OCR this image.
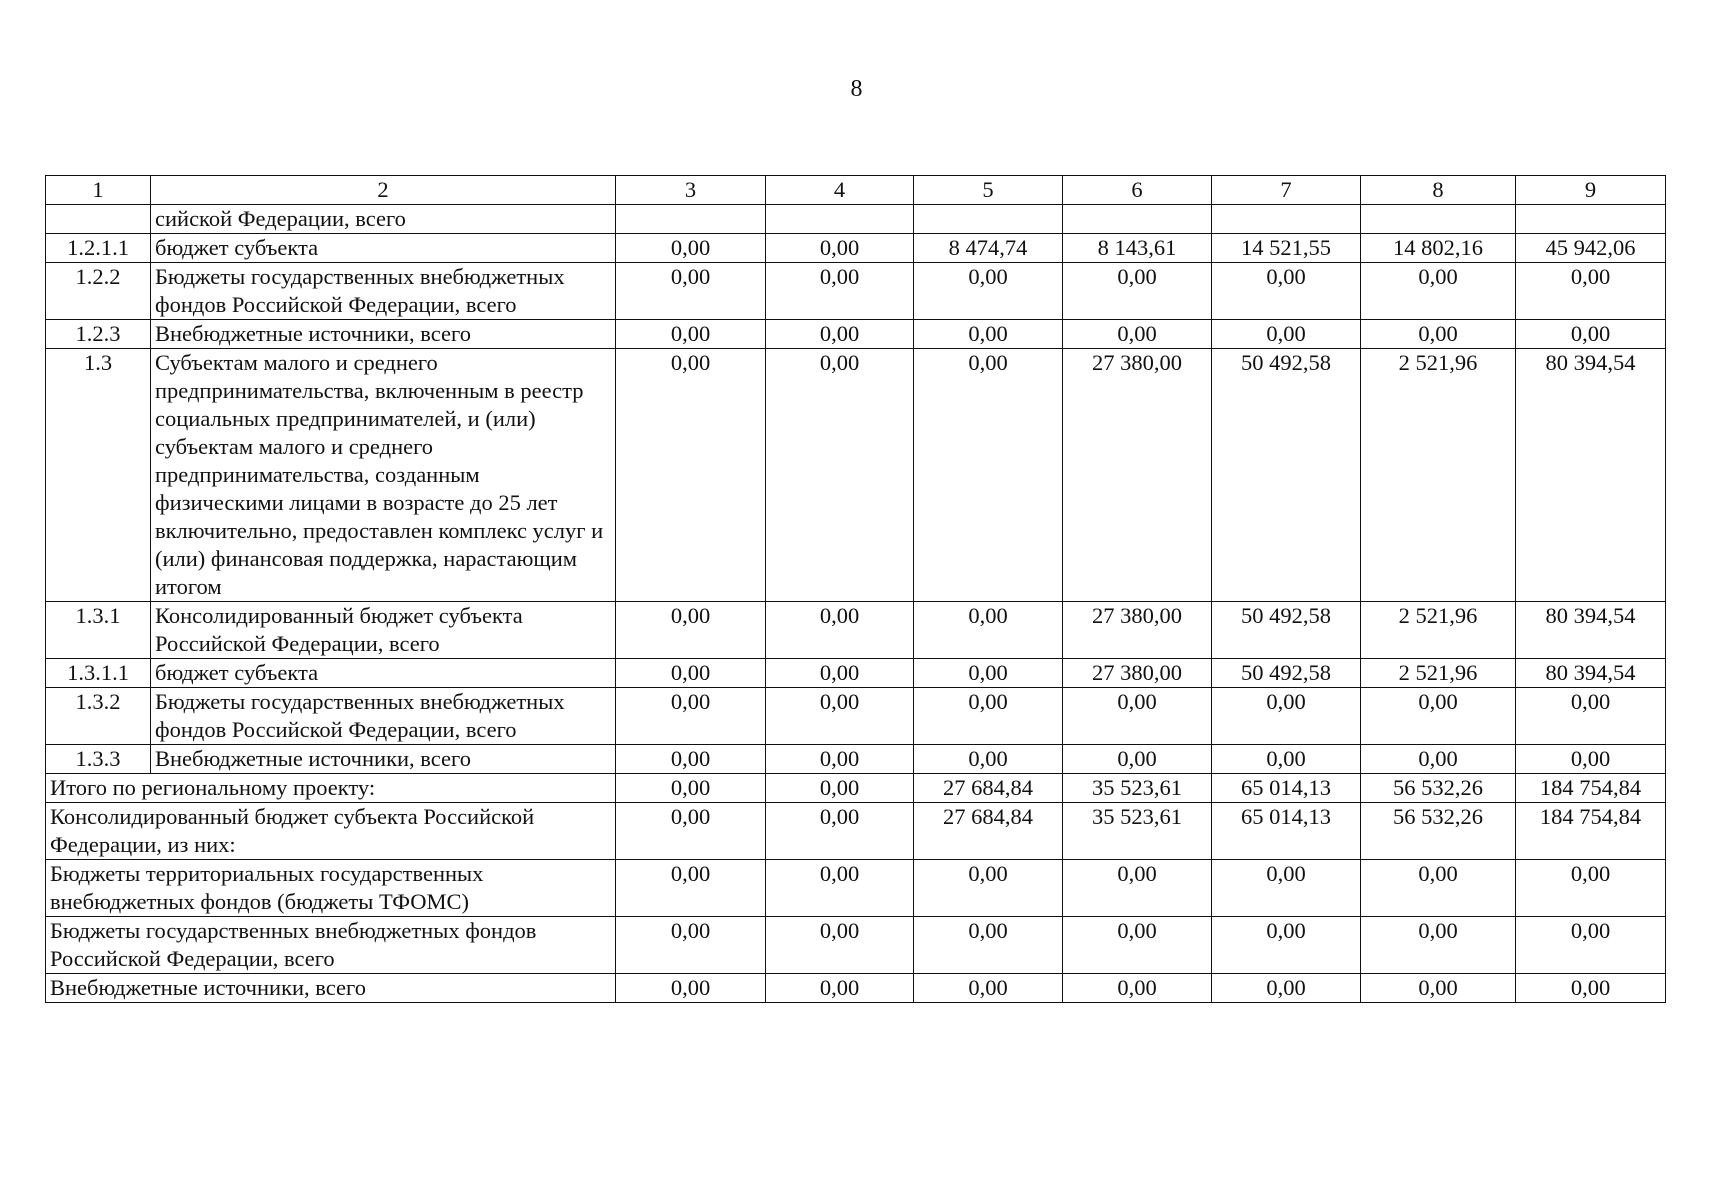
8
1	2	3	4	5	6	7	8	9
	сийской Федерации, всего							
1.2.1.1	бюджет субъекта	0,00	0,00	8 474,74	8 143,61	14 521,55	14 802,16	45 942,06
1.2.2	Бюджеты государственных внебюджетных фондов Российской Федерации, всего	0,00	0,00	0,00	0,00	0,00	0,00	0,00
1.2.3	Внебюджетные источники, всего	0,00	0,00	0,00	0,00	0,00	0,00	0,00
1.3	Субъектам малого и среднего предпринимательства, включенным в реестр социальных предпринимателей, и (или) субъектам малого и среднего предпринимательства, созданным физическими лицами в возрасте до 25 лет включительно, предоставлен комплекс услуг и (или) финансовая поддержка, нарастающим итогом	0,00	0,00	0,00	27 380,00	50 492,58	2 521,96	80 394,54
1.3.1	Консолидированный бюджет субъекта Российской Федерации, всего	0,00	0,00	0,00	27 380,00	50 492,58	2 521,96	80 394,54
1.3.1.1	бюджет субъекта	0,00	0,00	0,00	27 380,00	50 492,58	2 521,96	80 394,54
1.3.2	Бюджеты государственных внебюджетных фондов Российской Федерации, всего	0,00	0,00	0,00	0,00	0,00	0,00	0,00
1.3.3	Внебюджетные источники, всего	0,00	0,00	0,00	0,00	0,00	0,00	0,00
Итого по региональному проекту:		0,00	0,00	27 684,84	35 523,61	65 014,13	56 532,26	184 754,84
Консолидированный бюджет субъекта Российской Федерации, из них:		0,00	0,00	27 684,84	35 523,61	65 014,13	56 532,26	184 754,84
Бюджеты территориальных государственных внебюджетных фондов (бюджеты ТФОМС)		0,00	0,00	0,00	0,00	0,00	0,00	0,00
Бюджеты государственных внебюджетных фондов Российской Федерации, всего		0,00	0,00	0,00	0,00	0,00	0,00	0,00
Внебюджетные источники, всего		0,00	0,00	0,00	0,00	0,00	0,00	0,00
